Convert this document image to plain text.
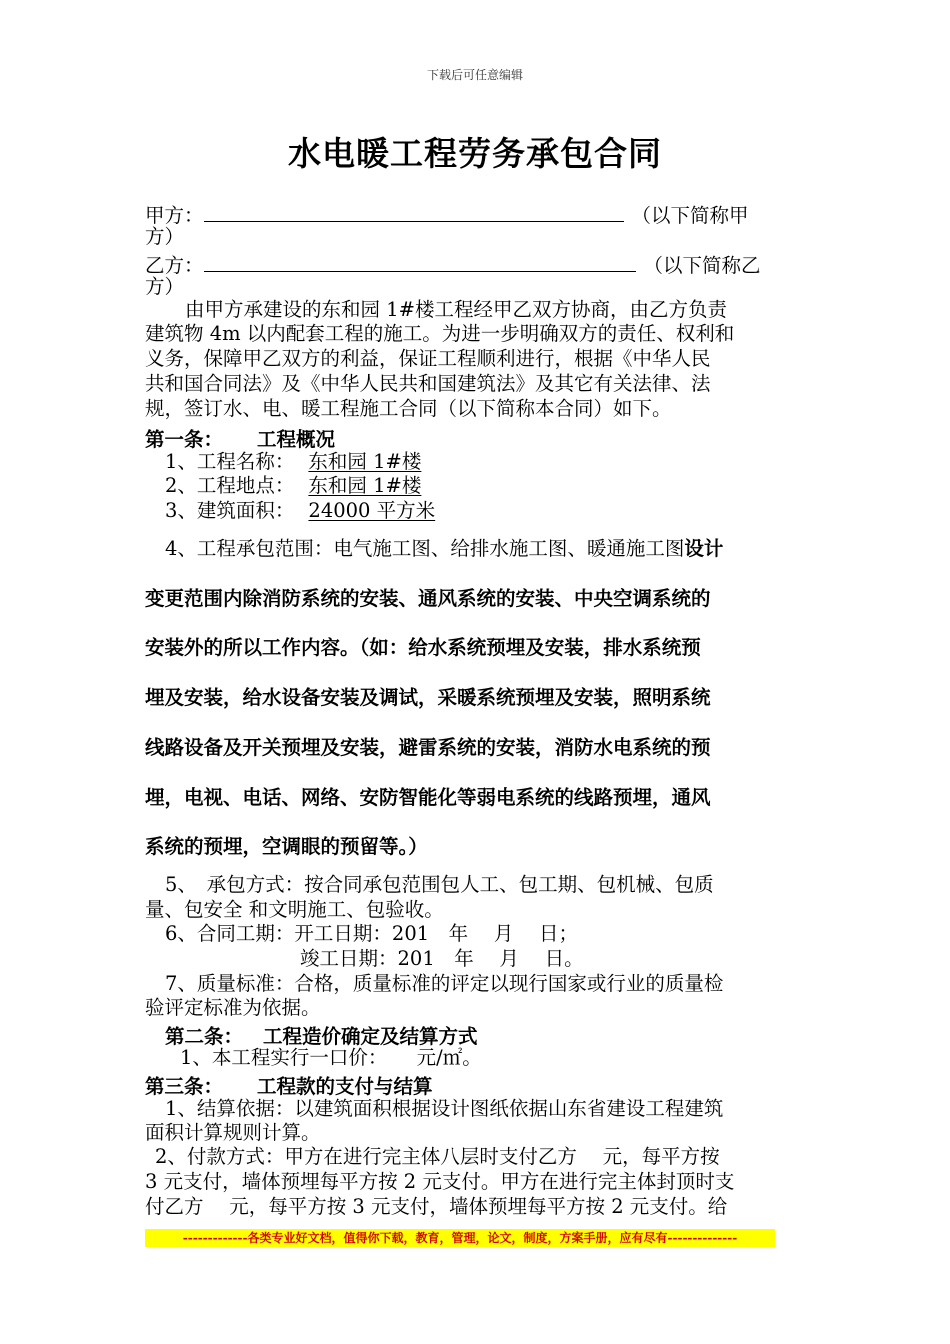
下载后可任意编辑
水电暖工程劳务承包合同
甲方：	（以下简称甲
方）
乙方：	（以下简称乙
方）
由甲方承建设的东和园 1#楼工程经甲乙双方协商，由乙方负责
建筑物 4m 以内配套工程的施工。为进一步明确双方的责任、权利和
义务，保障甲乙双方的利益，保证工程顺利进行，根据《中华人民
共和国合同法》及《中华人民共和国建筑法》及其它有关法律、法
规，签订水、电、暖工程施工合同（以下简称本合同）如下。
第一条： 工程概况
1、工程名称： 东和园 1#楼
2、工程地点： 东和园 1#楼
3、建筑面积： 24000 平方米
4、工程承包范围：电气施工图、给排水施工图、暖通施工图设计
变更范围内除消防系统的安装、通风系统的安装、中央空调系统的
安装外的所以工作内容。（如：给水系统预埋及安装，排水系统预
埋及安装，给水设备安装及调试，采暖系统预埋及安装，照明系统
线路设备及开关预埋及安装，避雷系统的安装，消防水电系统的预
埋，电视、电话、网络、安防智能化等弱电系统的线路预埋，通风
系统的预埋，空调眼的预留等。）
5、　承包方式：按合同承包范围包人工、包工期、包机械、包质
量、包安全 和文明施工、包验收。
6、合同工期：开工日期：201　年　 月　 日；
竣工日期：201　年　 月　 日。
7、质量标准：合格，质量标准的评定以现行国家或行业的质量检
验评定标准为依据。
第二条： 工程造价确定及结算方式
1、本工程实行一口价：　　元/㎡。
第三条： 工程款的支付与结算
1、结算依据：以建筑面积根据设计图纸依据山东省建设工程建筑
面积计算规则计算。
2、付款方式：甲方在进行完主体八层时支付乙方　 元，每平方按
3 元支付，墙体预埋每平方按 2 元支付。甲方在进行完主体封顶时支
付乙方　 元，每平方按 3 元支付，墙体预埋每平方按 2 元支付。给
-------------各类专业好文档，值得你下载，教育，管理，论文，制度，方案手册，应有尽有--------------
